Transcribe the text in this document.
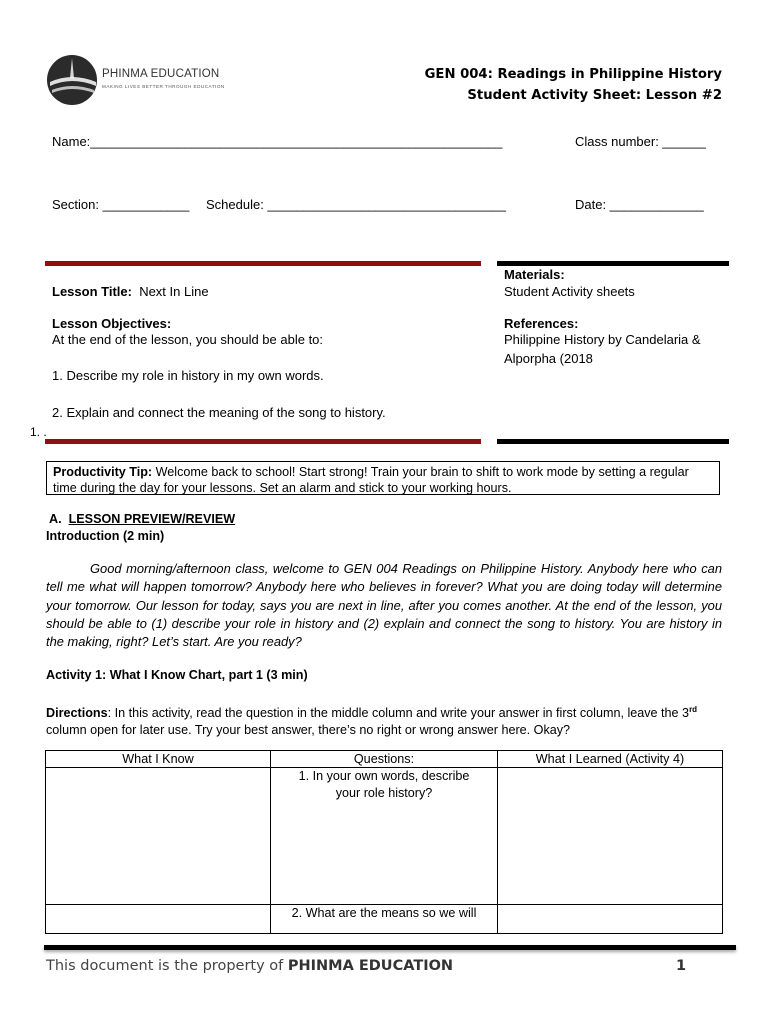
PHINMA EDUCATION
MAKING LIVES BETTER THROUGH EDUCATION
GEN 004: Readings in Philippine History
Student Activity Sheet: Lesson #2
Name:_________________________________________________________	Class number: ______
Section: ____________ Schedule: _________________________________	Date: _____________
Lesson Title: Next In Line
Lesson Objectives:
At the end of the lesson, you should be able to:
1. Describe my role in history in my own words.
2. Explain and connect the meaning of the song to history.
1. .
Materials:
Student Activity sheets
References:
Philippine History by Candelaria &
Alporpha (2018
Productivity Tip: Welcome back to school! Start strong! Train your brain to shift to work mode by setting a regular time during the day for your lessons. Set an alarm and stick to your working hours.
A. LESSON PREVIEW/REVIEW
Introduction (2 min)
Good morning/afternoon class, welcome to GEN 004 Readings on Philippine History. Anybody here who can tell me what will happen tomorrow? Anybody here who believes in forever? What you are doing today will determine your tomorrow. Our lesson for today, says you are next in line, after you comes another. At the end of the lesson, you should be able to (1) describe your role in history and (2) explain and connect the song to history. You are history in the making, right? Let’s start. Are you ready?
Activity 1: What I Know Chart, part 1 (3 min)
Directions: In this activity, read the question in the middle column and write your answer in first column, leave the 3rd column open for later use. Try your best answer, there’s no right or wrong answer here. Okay?
What I Know	Questions:	What I Learned (Activity 4)
	1. In your own words, describe your role history?	
	2. What are the means so we will	
This document is the property of PHINMA EDUCATION	1
